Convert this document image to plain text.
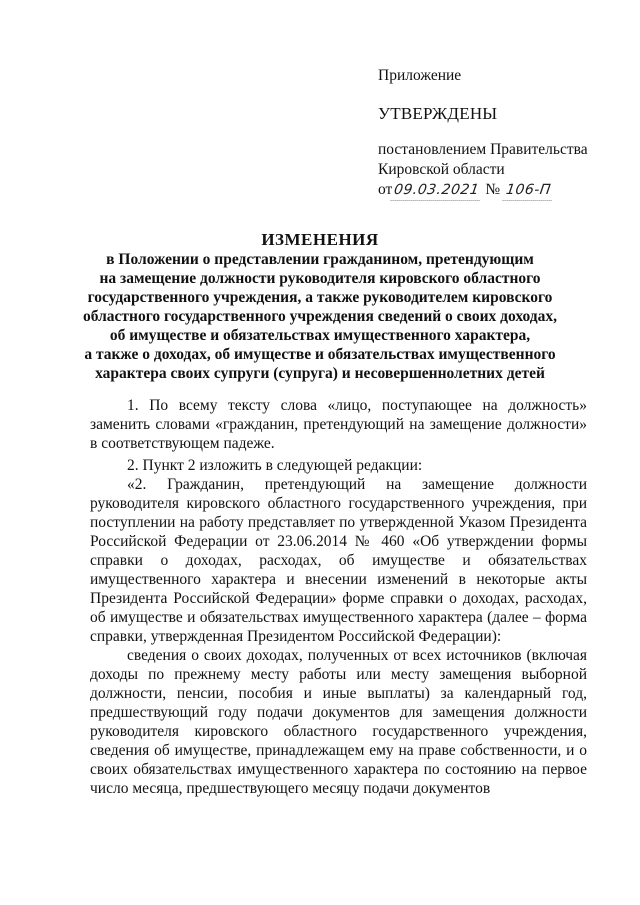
Приложение
УТВЕРЖДЕНЫ
постановлением Правительства
Кировской области
от09.03.2021 № 106-П
ИЗМЕНЕНИЯ
в Положении о представлении гражданином, претендующим
на замещение должности руководителя кировского областного
государственного учреждения, а также руководителем кировского
областного государственного учреждения сведений о своих доходах,
об имуществе и обязательствах имущественного характера,
а также о доходах, об имуществе и обязательствах имущественного
характера своих супруги (супруга) и несовершеннолетних детей

1. По всему тексту слова «лицо, поступающее на должность» заменить словами «гражданин, претендующий на замещение должности» в соответствующем падеже.

2. Пункт 2 изложить в следующей редакции:

«2. Гражданин, претендующий на замещение должности руководителя кировского областного государственного учреждения, при поступлении на работу представляет по утвержденной Указом Президента Российской Федерации от 23.06.2014 № 460 «Об утверждении формы справки о доходах, расходах, об имуществе и обязательствах имущественного характера и внесении изменений в некоторые акты Президента Российской Федерации» форме справки о доходах, расходах, об имуществе и обязательствах имущественного характера (далее – форма справки, утвержденная Президентом Российской Федерации):

сведения о своих доходах, полученных от всех источников (включая доходы по прежнему месту работы или месту замещения выборной должности, пенсии, пособия и иные выплаты) за календарный год, предшествующий году подачи документов для замещения должности руководителя кировского областного государственного учреждения, сведения об имуществе, принадлежащем ему на праве собственности, и о своих обязательствах имущественного характера по состоянию на первое число месяца, предшествующего месяцу подачи документов
